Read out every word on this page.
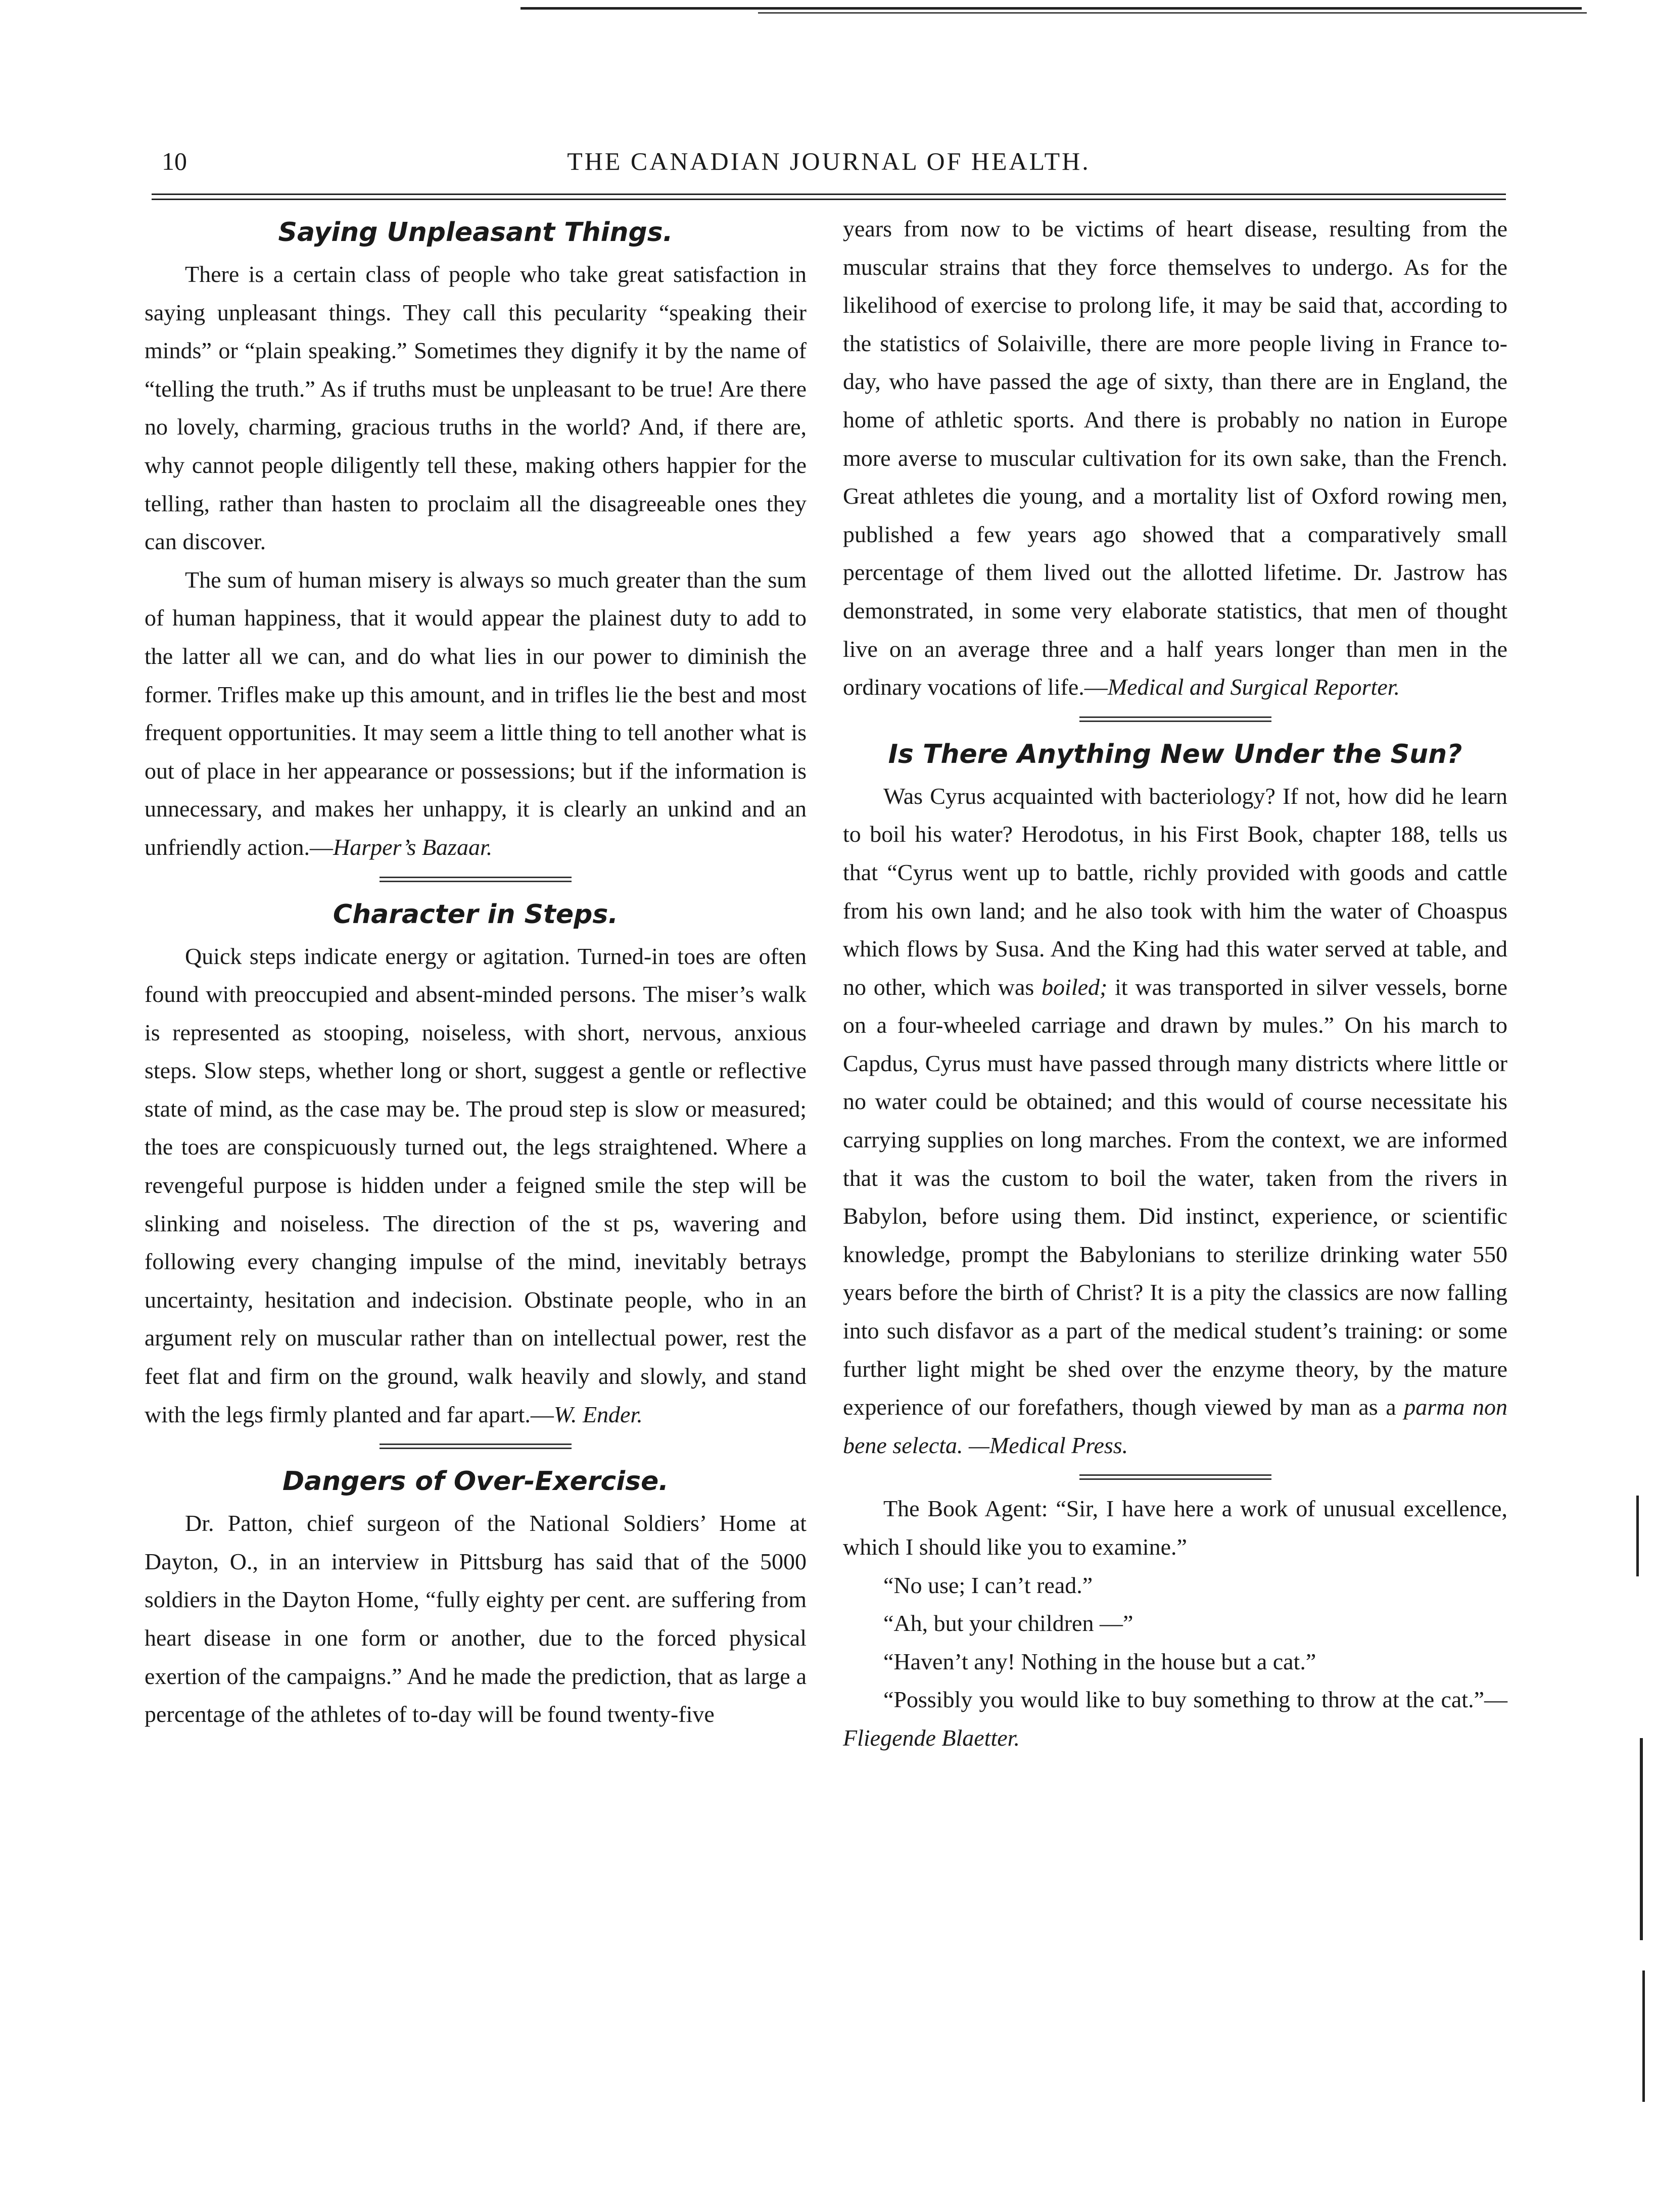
10	THE CANADIAN JOURNAL OF HEALTH.
Saying Unpleasant Things.

There is a certain class of people who take great satisfaction in saying unpleasant things. They call this pecularity “speaking their minds” or “plain speaking.” Sometimes they dignify it by the name of “telling the truth.” As if truths must be unpleasant to be true! Are there no lovely, charming, gracious truths in the world? And, if there are, why cannot people diligently tell these, making others happier for the telling, rather than hasten to proclaim all the disagreeable ones they can discover.

The sum of human misery is always so much greater than the sum of human happiness, that it would appear the plainest duty to add to the latter all we can, and do what lies in our power to diminish the former. Trifles make up this amount, and in trifles lie the best and most frequent opportunities. It may seem a little thing to tell another what is out of place in her appearance or possessions; but if the information is unnecessary, and makes her unhappy, it is clearly an unkind and an unfriendly action.—Harper’s Bazaar.

Character in Steps.

Quick steps indicate energy or agitation. Turned-in toes are often found with preoccupied and absent-minded persons. The miser’s walk is represented as stooping, noiseless, with short, nervous, anxious steps. Slow steps, whether long or short, suggest a gentle or reflective state of mind, as the case may be. The proud step is slow or measured; the toes are conspicuously turned out, the legs straightened. Where a revengeful purpose is hidden under a feigned smile the step will be slinking and noiseless. The direction of the st ps, wavering and following every changing impulse of the mind, inevitably betrays uncertainty, hesitation and indecision. Obstinate people, who in an argument rely on muscular rather than on intellectual power, rest the feet flat and firm on the ground, walk heavily and slowly, and stand with the legs firmly planted and far apart.—W. Ender.

Dangers of Over-Exercise.

Dr. Patton, chief surgeon of the National Soldiers’ Home at Dayton, O., in an interview in Pittsburg has said that of the 5000 soldiers in the Dayton Home, “fully eighty per cent. are suffering from heart disease in one form or another, due to the forced physical exertion of the campaigns.” And he made the prediction, that as large a percentage of the athletes of to-day will be found twenty-five

years from now to be victims of heart disease, resulting from the muscular strains that they force themselves to undergo. As for the likelihood of exercise to prolong life, it may be said that, according to the statistics of Solaiville, there are more people living in France to-day, who have passed the age of sixty, than there are in England, the home of athletic sports. And there is probably no nation in Europe more averse to muscular cultivation for its own sake, than the French. Great athletes die young, and a mortality list of Oxford rowing men, published a few years ago showed that a comparatively small percentage of them lived out the allotted lifetime. Dr. Jastrow has demonstrated, in some very elaborate statistics, that men of thought live on an average three and a half years longer than men in the ordinary vocations of life.—Medical and Surgical Reporter.

Is There Anything New Under the Sun?

Was Cyrus acquainted with bacteriology? If not, how did he learn to boil his water? Herodotus, in his First Book, chapter 188, tells us that “Cyrus went up to battle, richly provided with goods and cattle from his own land; and he also took with him the water of Choaspus which flows by Susa. And the King had this water served at table, and no other, which was boiled; it was transported in silver vessels, borne on a four-wheeled carriage and drawn by mules.” On his march to Capdus, Cyrus must have passed through many districts where little or no water could be obtained; and this would of course necessitate his carrying supplies on long marches. From the context, we are informed that it was the custom to boil the water, taken from the rivers in Babylon, before using them. Did instinct, experience, or scientific knowledge, prompt the Babylonians to sterilize drinking water 550 years before the birth of Christ? It is a pity the classics are now falling into such disfavor as a part of the medical student’s training: or some further light might be shed over the enzyme theory, by the mature experience of our forefathers, though viewed by man as a parma non bene selecta. —Medical Press.

The Book Agent: “Sir, I have here a work of unusual excellence, which I should like you to examine.”

“No use; I can’t read.”

“Ah, but your children —”

“Haven’t any! Nothing in the house but a cat.”

“Possibly you would like to buy something to throw at the cat.”—Fliegende Blaetter.
